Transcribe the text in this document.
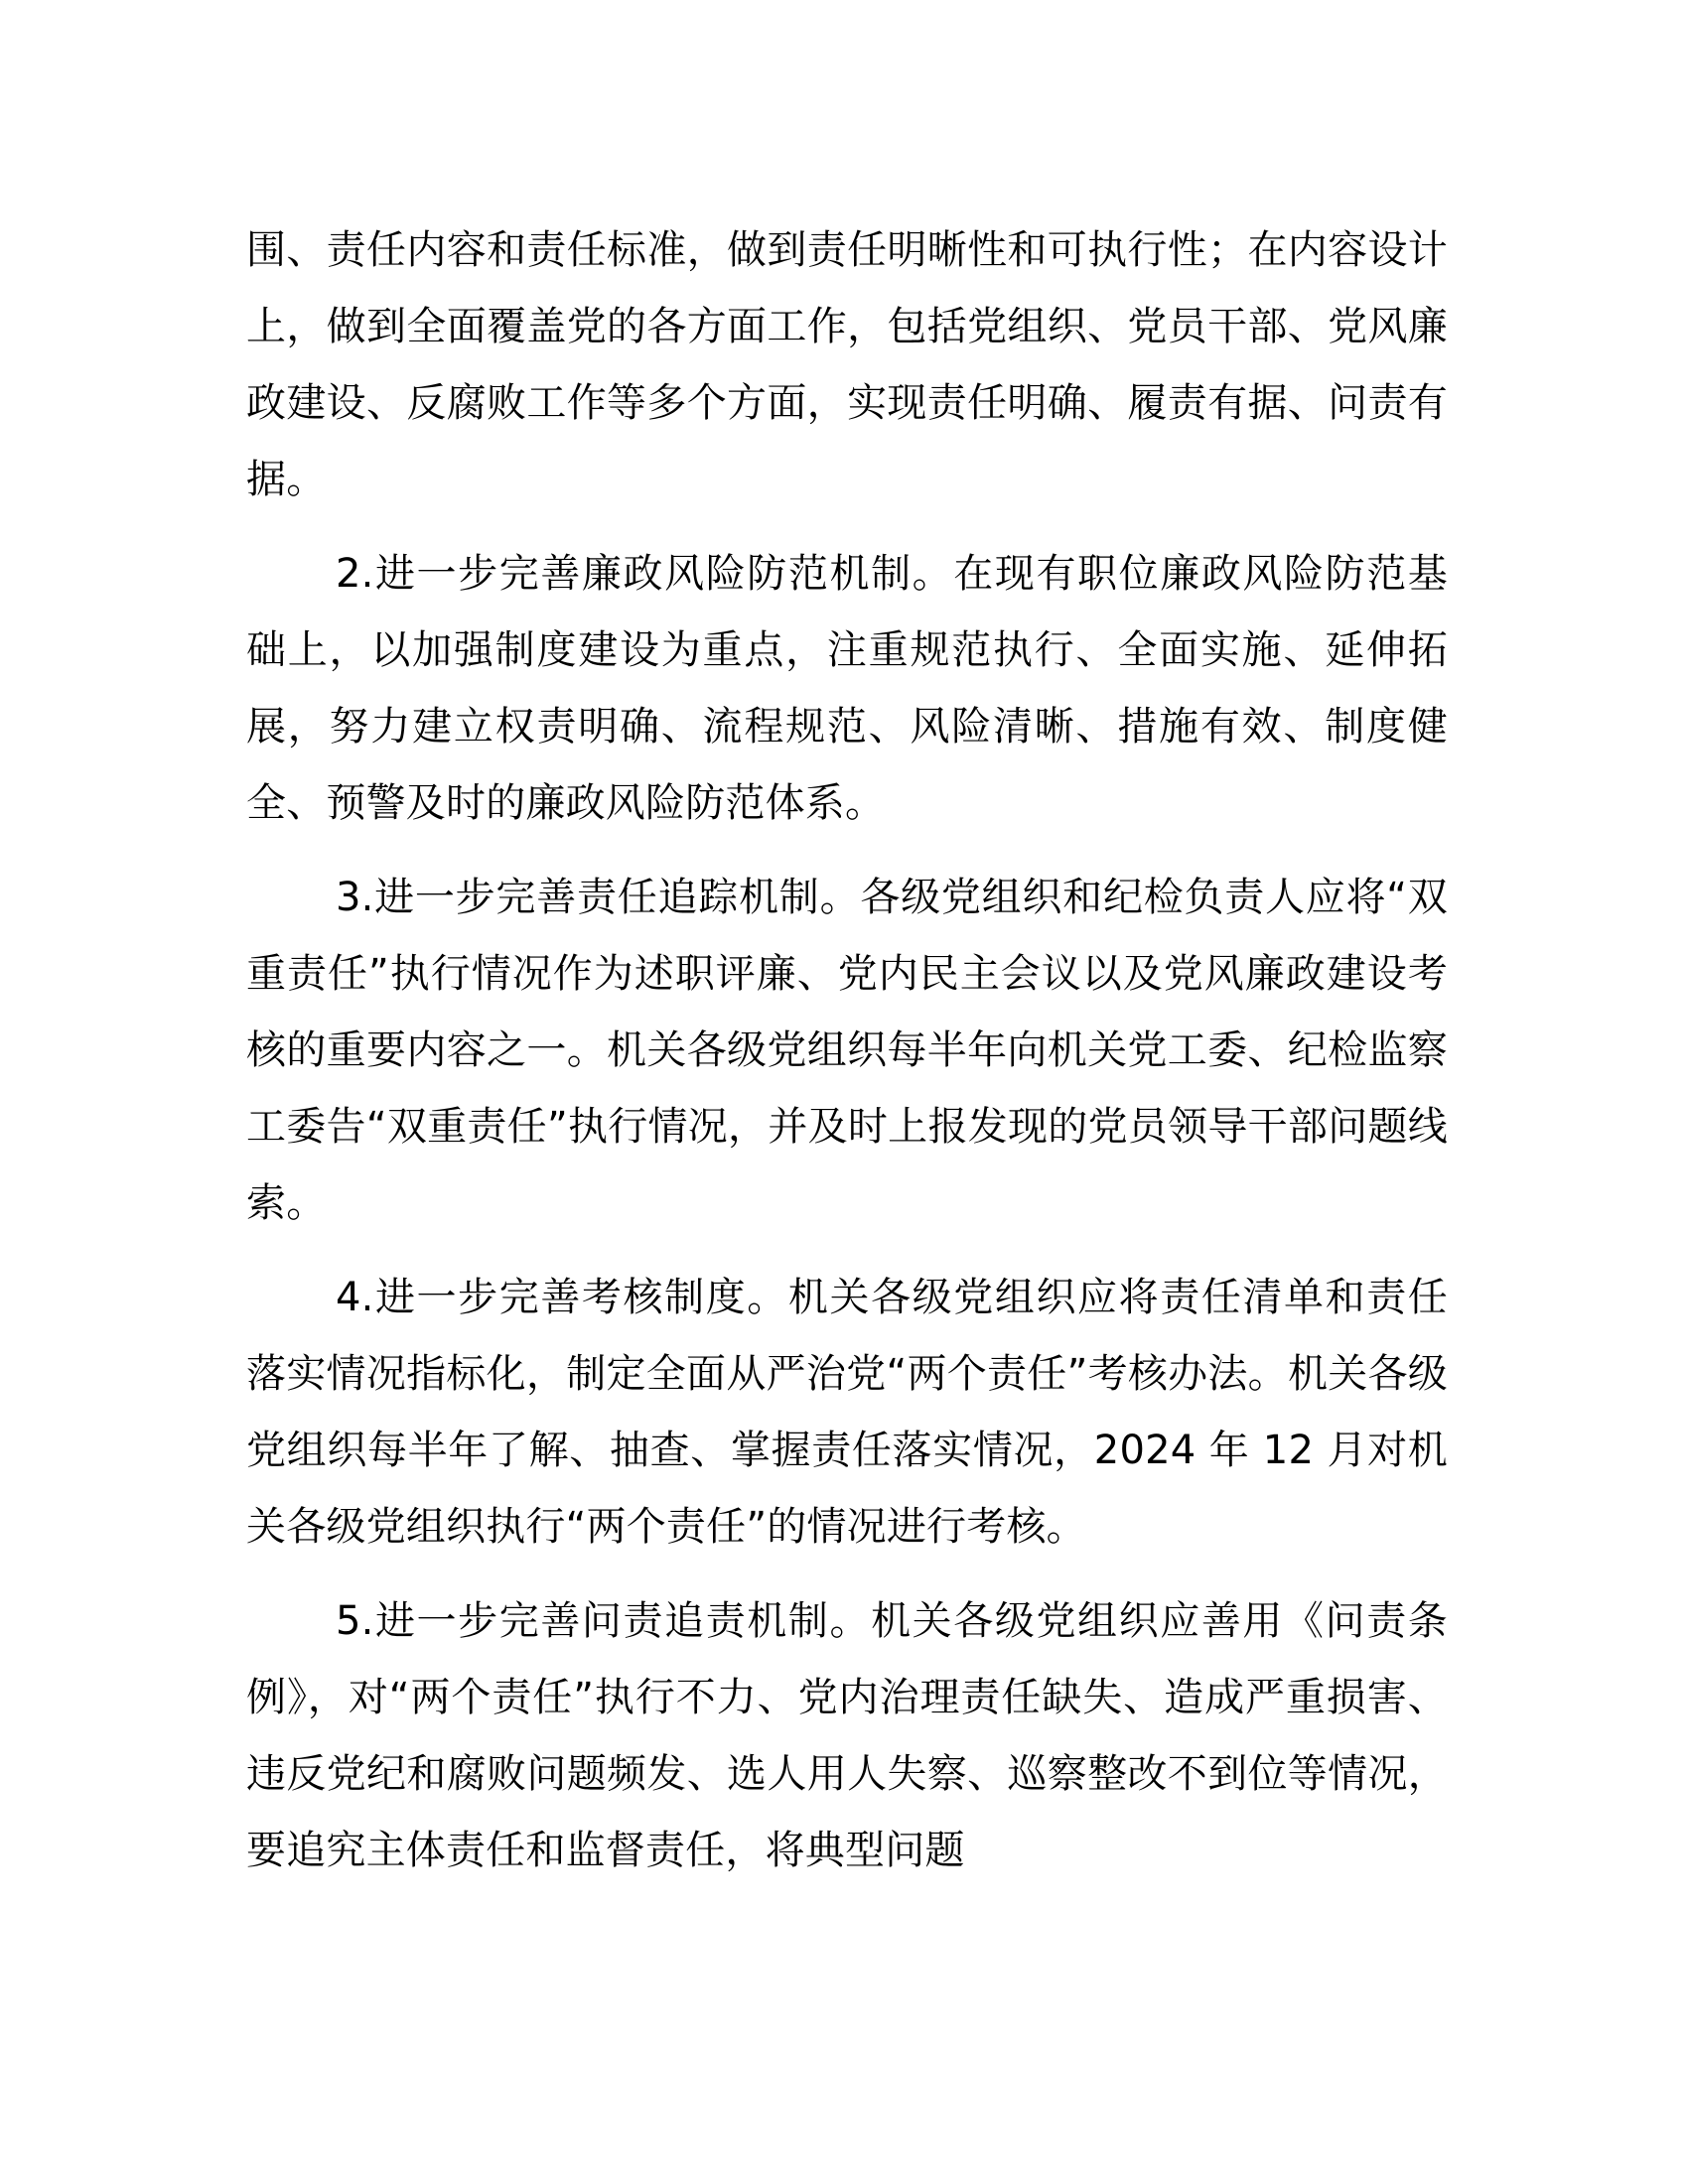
围、责任内容和责任标准，做到责任明晰性和可执行性；在内容设计上，做到全面覆盖党的各方面工作，包括党组织、党员干部、党风廉政建设、反腐败工作等多个方面，实现责任明确、履责有据、问责有据。

2.进一步完善廉政风险防范机制。在现有职位廉政风险防范基础上，以加强制度建设为重点，注重规范执行、全面实施、延伸拓展，努力建立权责明确、流程规范、风险清晰、措施有效、制度健全、预警及时的廉政风险防范体系。

3.进一步完善责任追踪机制。各级党组织和纪检负责人应将“双重责任”执行情况作为述职评廉、党内民主会议以及党风廉政建设考核的重要内容之一。机关各级党组织每半年向机关党工委、纪检监察工委告“双重责任”执行情况，并及时上报发现的党员领导干部问题线索。

4.进一步完善考核制度。机关各级党组织应将责任清单和责任落实情况指标化，制定全面从严治党“两个责任”考核办法。机关各级党组织每半年了解、抽查、掌握责任落实情况，2024 年 12 月对机关各级党组织执行“两个责任”的情况进行考核。

5.进一步完善问责追责机制。机关各级党组织应善用《问责条例》，对“两个责任”执行不力、党内治理责任缺失、造成严重损害、违反党纪和腐败问题频发、选人用人失察、巡察整改不到位等情况，要追究主体责任和监督责任，将典型问题
